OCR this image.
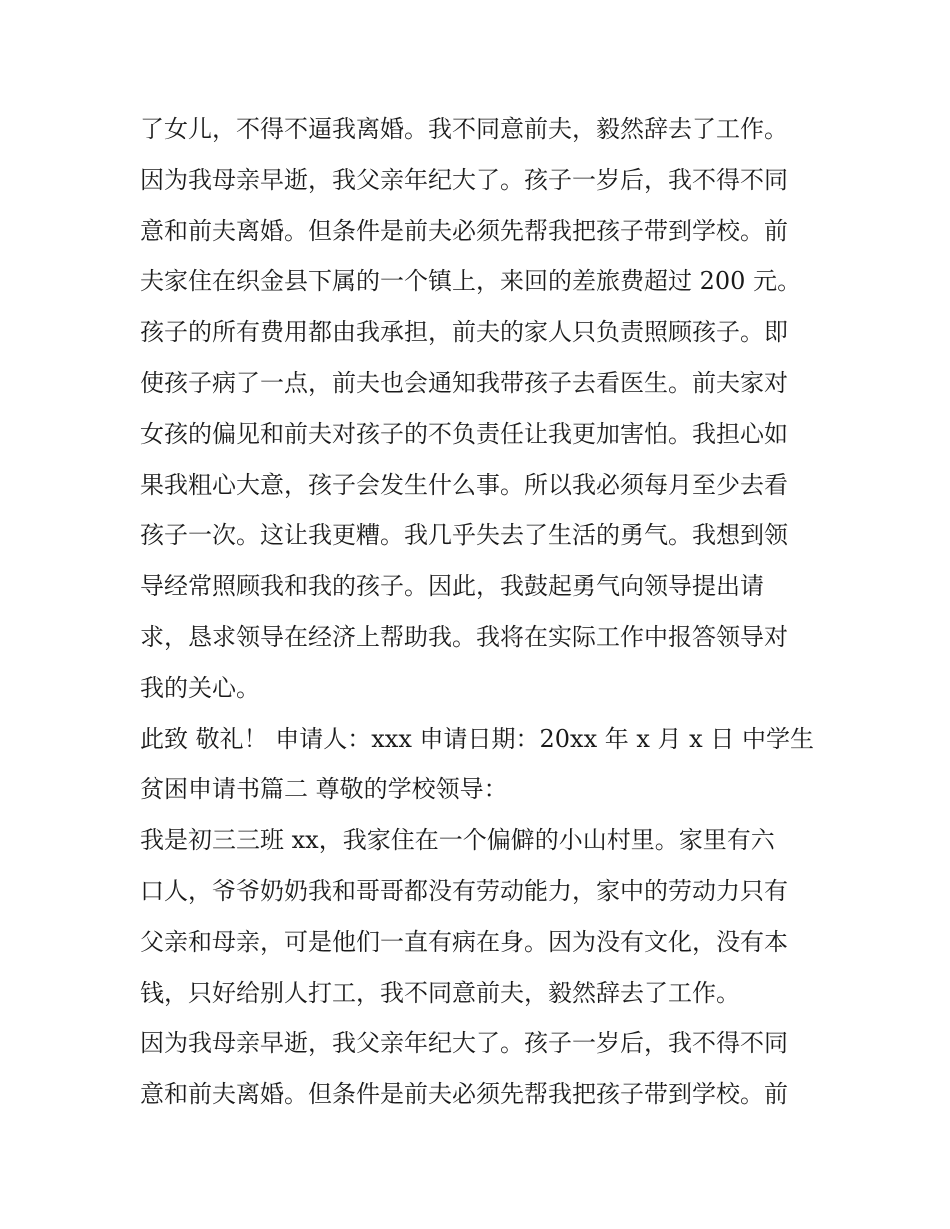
了女儿，不得不逼我离婚。我不同意前夫，毅然辞去了工作。
因为我母亲早逝，我父亲年纪大了。孩子一岁后，我不得不同
意和前夫离婚。但条件是前夫必须先帮我把孩子带到学校。前
夫家住在织金县下属的一个镇上，来回的差旅费超过 200 元。
孩子的所有费用都由我承担，前夫的家人只负责照顾孩子。即
使孩子病了一点，前夫也会通知我带孩子去看医生。前夫家对
女孩的偏见和前夫对孩子的不负责任让我更加害怕。我担心如
果我粗心大意，孩子会发生什么事。所以我必须每月至少去看
孩子一次。这让我更糟。我几乎失去了生活的勇气。我想到领
导经常照顾我和我的孩子。因此，我鼓起勇气向领导提出请
求，恳求领导在经济上帮助我。我将在实际工作中报答领导对
我的关心。
此致 敬礼！ 申请人：xxx 申请日期：20xx 年 x 月 x 日 中学生
贫困申请书篇二 尊敬的学校领导：
我是初三三班 xx，我家住在一个偏僻的小山村里。家里有六
口人，爷爷奶奶我和哥哥都没有劳动能力，家中的劳动力只有
父亲和母亲，可是他们一直有病在身。因为没有文化，没有本
钱，只好给别人打工，我不同意前夫，毅然辞去了工作。
因为我母亲早逝，我父亲年纪大了。孩子一岁后，我不得不同
意和前夫离婚。但条件是前夫必须先帮我把孩子带到学校。前
